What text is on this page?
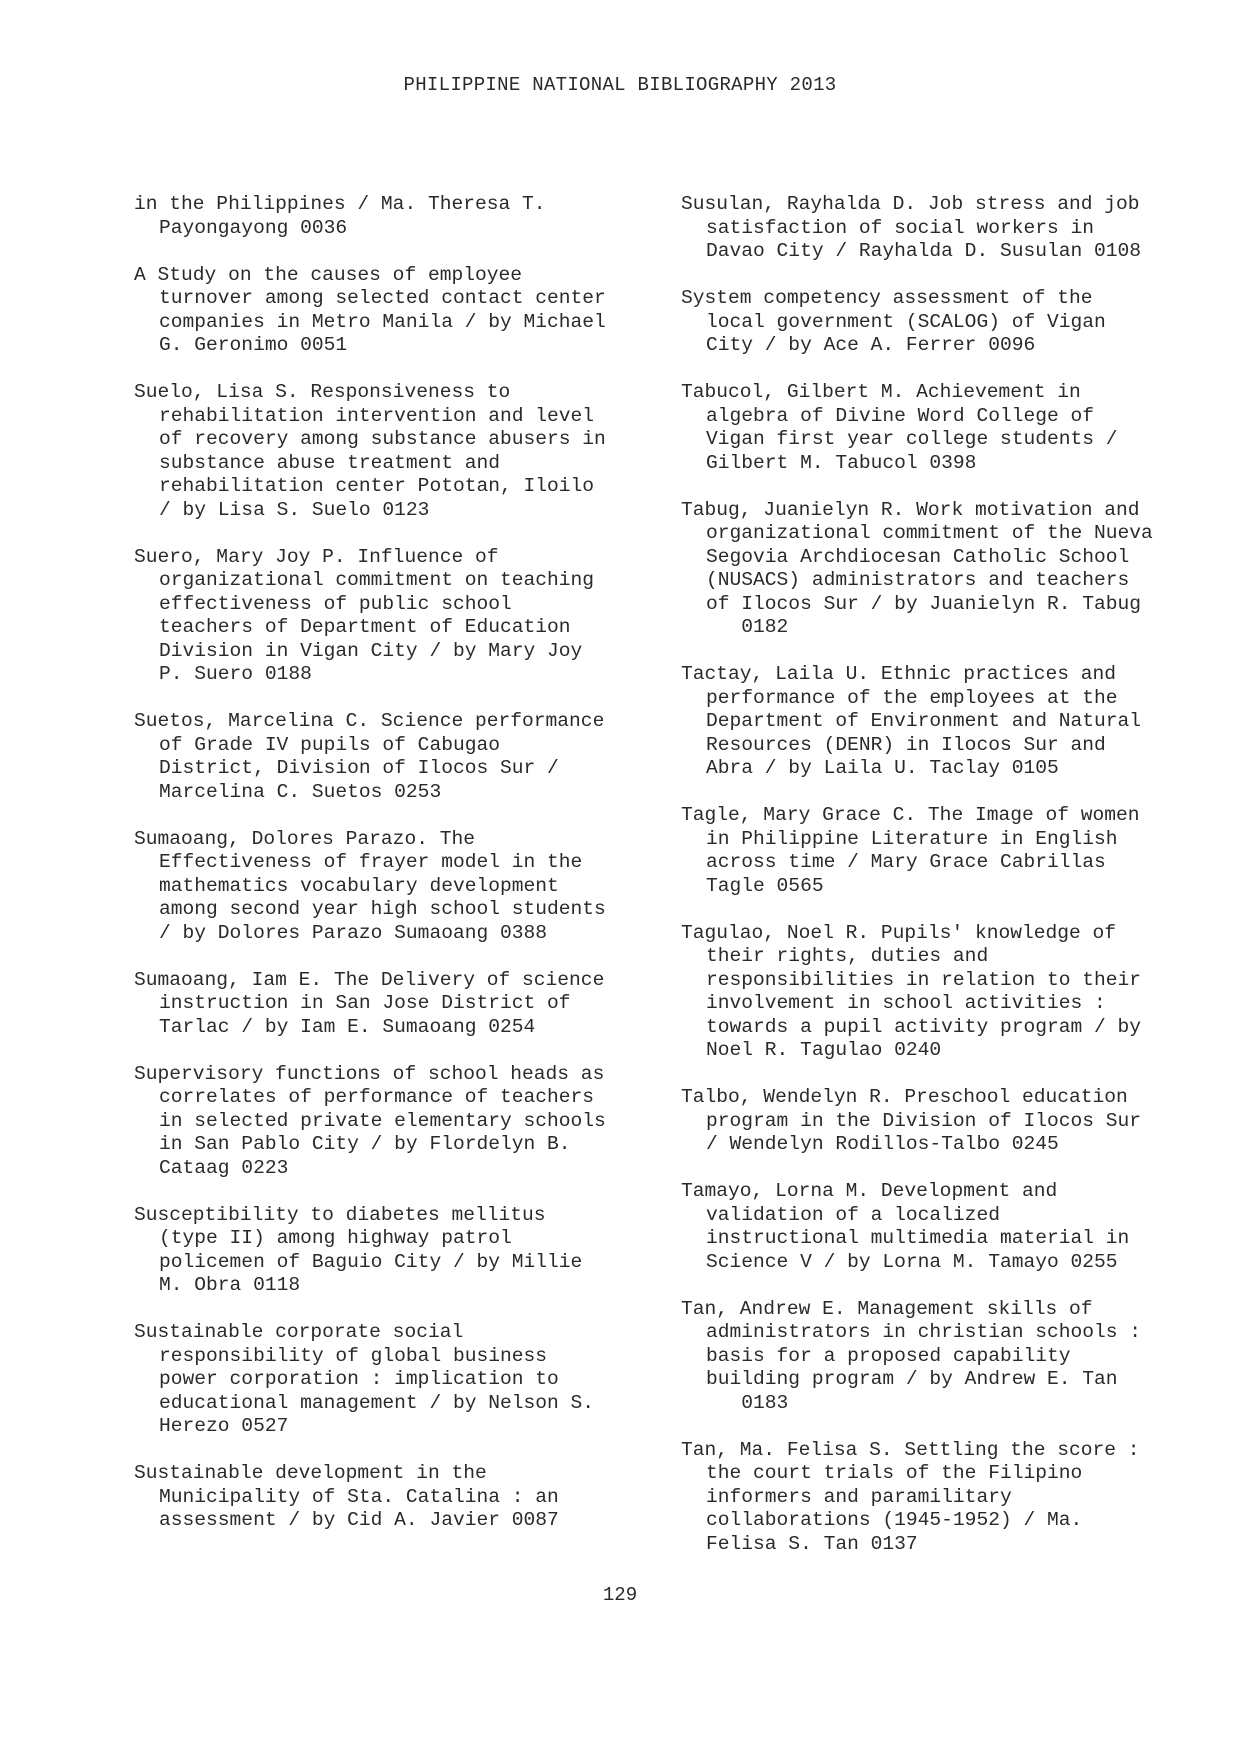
PHILIPPINE NATIONAL BIBLIOGRAPHY 2013

in the Philippines / Ma. Theresa T.
Payongayong 0036

A Study on the causes of employee
turnover among selected contact center
companies in Metro Manila / by Michael
G. Geronimo 0051

Suelo, Lisa S. Responsiveness to
rehabilitation intervention and level
of recovery among substance abusers in
substance abuse treatment and
rehabilitation center Pototan, Iloilo
/ by Lisa S. Suelo 0123

Suero, Mary Joy P. Influence of
organizational commitment on teaching
effectiveness of public school
teachers of Department of Education
Division in Vigan City / by Mary Joy
P. Suero 0188

Suetos, Marcelina C. Science performance
of Grade IV pupils of Cabugao
District, Division of Ilocos Sur /
Marcelina C. Suetos 0253

Sumaoang, Dolores Parazo. The
Effectiveness of frayer model in the
mathematics vocabulary development
among second year high school students
/ by Dolores Parazo Sumaoang 0388

Sumaoang, Iam E. The Delivery of science
instruction in San Jose District of
Tarlac / by Iam E. Sumaoang 0254

Supervisory functions of school heads as
correlates of performance of teachers
in selected private elementary schools
in San Pablo City / by Flordelyn B.
Cataag 0223

Susceptibility to diabetes mellitus
(type II) among highway patrol
policemen of Baguio City / by Millie
M. Obra 0118

Sustainable corporate social
responsibility of global business
power corporation : implication to
educational management / by Nelson S.
Herezo 0527

Sustainable development in the
Municipality of Sta. Catalina : an
assessment / by Cid A. Javier 0087

Susulan, Rayhalda D. Job stress and job
satisfaction of social workers in
Davao City / Rayhalda D. Susulan 0108

System competency assessment of the
local government (SCALOG) of Vigan
City / by Ace A. Ferrer 0096

Tabucol, Gilbert M. Achievement in
algebra of Divine Word College of
Vigan first year college students /
Gilbert M. Tabucol 0398

Tabug, Juanielyn R. Work motivation and
organizational commitment of the Nueva
Segovia Archdiocesan Catholic School
(NUSACS) administrators and teachers
of Ilocos Sur / by Juanielyn R. Tabug
0182

Tactay, Laila U. Ethnic practices and
performance of the employees at the
Department of Environment and Natural
Resources (DENR) in Ilocos Sur and
Abra / by Laila U. Taclay 0105

Tagle, Mary Grace C. The Image of women
in Philippine Literature in English
across time / Mary Grace Cabrillas
Tagle 0565

Tagulao, Noel R. Pupils' knowledge of
their rights, duties and
responsibilities in relation to their
involvement in school activities :
towards a pupil activity program / by
Noel R. Tagulao 0240

Talbo, Wendelyn R. Preschool education
program in the Division of Ilocos Sur
/ Wendelyn Rodillos-Talbo 0245

Tamayo, Lorna M. Development and
validation of a localized
instructional multimedia material in
Science V / by Lorna M. Tamayo 0255

Tan, Andrew E. Management skills of
administrators in christian schools :
basis for a proposed capability
building program / by Andrew E. Tan
0183

Tan, Ma. Felisa S. Settling the score :
the court trials of the Filipino
informers and paramilitary
collaborations (1945-1952) / Ma.
Felisa S. Tan 0137

129
